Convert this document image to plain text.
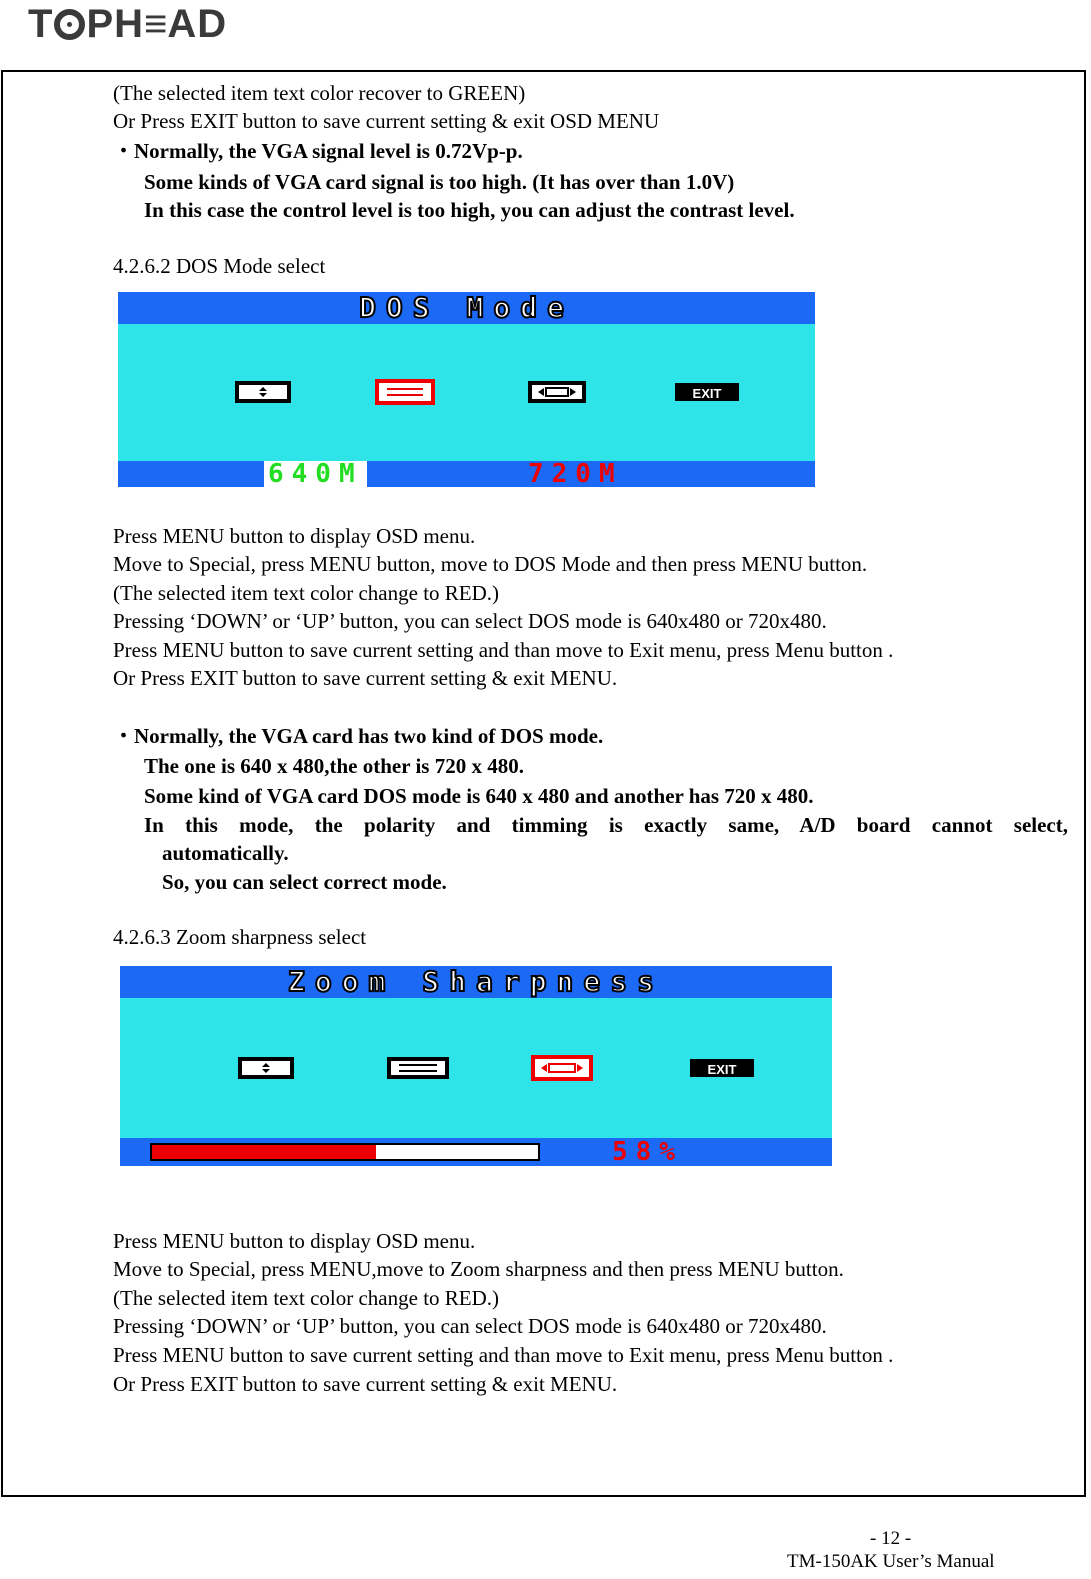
T PH ≡ AD
(The selected item text color recover to GREEN)
Or Press EXIT button to save current setting & exit OSD MENU
・Normally, the VGA signal level is 0.72Vp-p.
Some kinds of VGA card signal is too high. (It has over than 1.0V)
In this case the control level is too high, you can adjust the contrast level.
4.2.6.2 DOS Mode select
DOS Mode
EXIT
640M	720M
Press MENU button to display OSD menu.
Move to Special, press MENU button, move to DOS Mode and then press MENU button.
(The selected item text color change to RED.)
Pressing ‘DOWN’ or ‘UP’ button, you can select DOS mode is 640x480 or 720x480.
Press MENU button to save current setting and than move to Exit menu, press Menu button .
Or Press EXIT button to save current setting & exit MENU.
・Normally, the VGA card has two kind of DOS mode.
The one is 640 x 480,the other is 720 x 480.
Some kind of VGA card DOS mode is 640 x 480 and another has 720 x 480.
In this mode, the polarity and timming is exactly same, A/D board cannot select,
automatically.
So, you can select correct mode.
4.2.6.3 Zoom sharpness select
Zoom Sharpness
EXIT
58%
Press MENU button to display OSD menu.
Move to Special, press MENU,move to Zoom sharpness and then press MENU button.
(The selected item text color change to RED.)
Pressing ‘DOWN’ or ‘UP’ button, you can select DOS mode is 640x480 or 720x480.
Press MENU button to save current setting and than move to Exit menu, press Menu button .
Or Press EXIT button to save current setting & exit MENU.
- 12 -
TM-150AK User’s Manual
